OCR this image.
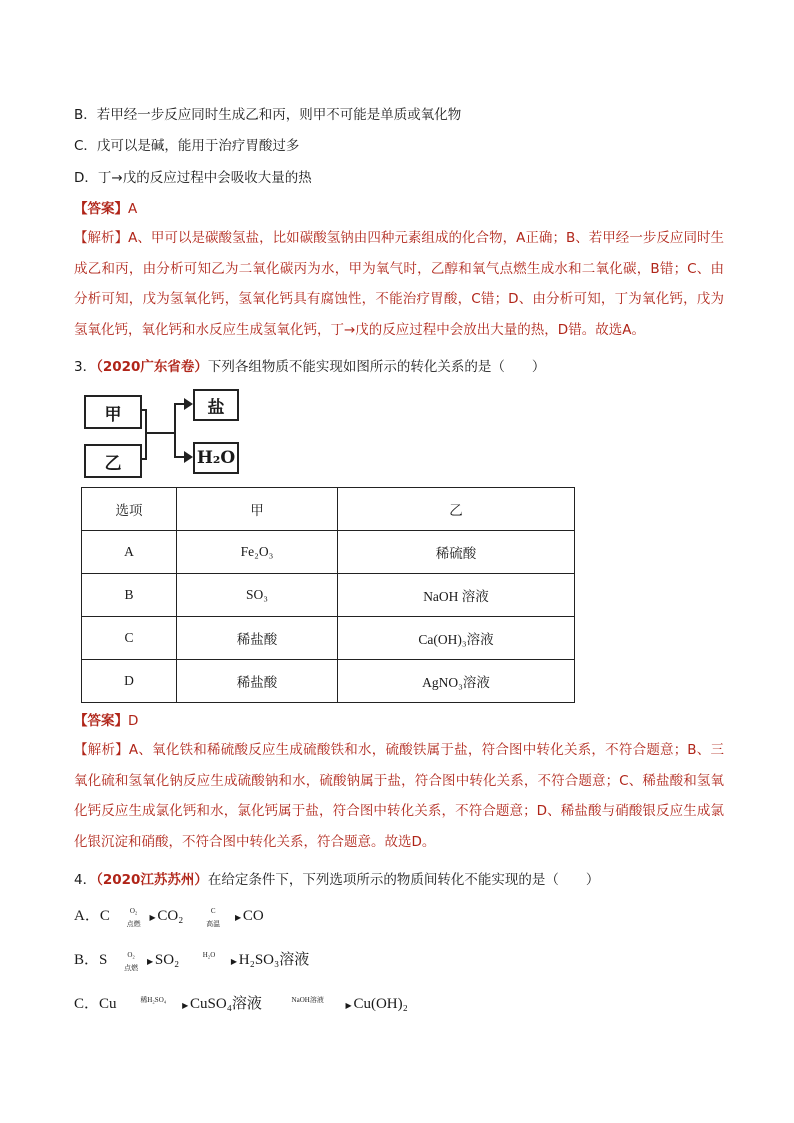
B．若甲经一步反应同时生成乙和丙，则甲不可能是单质或氧化物
C．戊可以是碱，能用于治疗胃酸过多
D．丁→戊的反应过程中会吸收大量的热
【答案】A
【解析】A、甲可以是碳酸氢盐，比如碳酸氢钠由四种元素组成的化合物，A正确；B、若甲经一步反应同时生成乙和丙，由分析可知乙为二氧化碳丙为水，甲为氧气时，乙醇和氧气点燃生成水和二氧化碳，B错；C、由分析可知，戊为氢氧化钙，氢氧化钙具有腐蚀性，不能治疗胃酸，C错；D、由分析可知，丁为氧化钙，戊为氢氧化钙，氧化钙和水反应生成氢氧化钙，丁→戊的反应过程中会放出大量的热，D错。故选A。
3．（2020广东省卷）下列各组物质不能实现如图所示的转化关系的是（　　）
甲
乙
盐
H₂O
选项	甲	乙
A	Fe₂O₃	稀硫酸
B	SO₃	NaOH 溶液
C	稀盐酸	Ca(OH)₃溶液
D	稀盐酸	AgNO₃溶液
【答案】D
【解析】A、氧化铁和稀硫酸反应生成硫酸铁和水，硫酸铁属于盐，符合图中转化关系，不符合题意；B、三氧化硫和氢氧化钠反应生成硫酸钠和水，硫酸钠属于盐，符合图中转化关系，不符合题意；C、稀盐酸和氢氧化钙反应生成氯化钙和水，氯化钙属于盐，符合图中转化关系，不符合题意；D、稀盐酸与硝酸银反应生成氯化银沉淀和硝酸，不符合图中转化关系，符合题意。故选D。
4．（2020江苏苏州）在给定条件下，下列选项所示的物质间转化不能实现的是（　　）
A．C	O₂
点燃
▶ CO₂	C
高温
▶ CO
B．S	O₂
点燃
▶ SO₂	H₂O
▶ H₂SO₃溶液
C．Cu	稀H₂SO₄
▶ CuSO₄溶液	NaOH溶液
▶ Cu(OH)₂
